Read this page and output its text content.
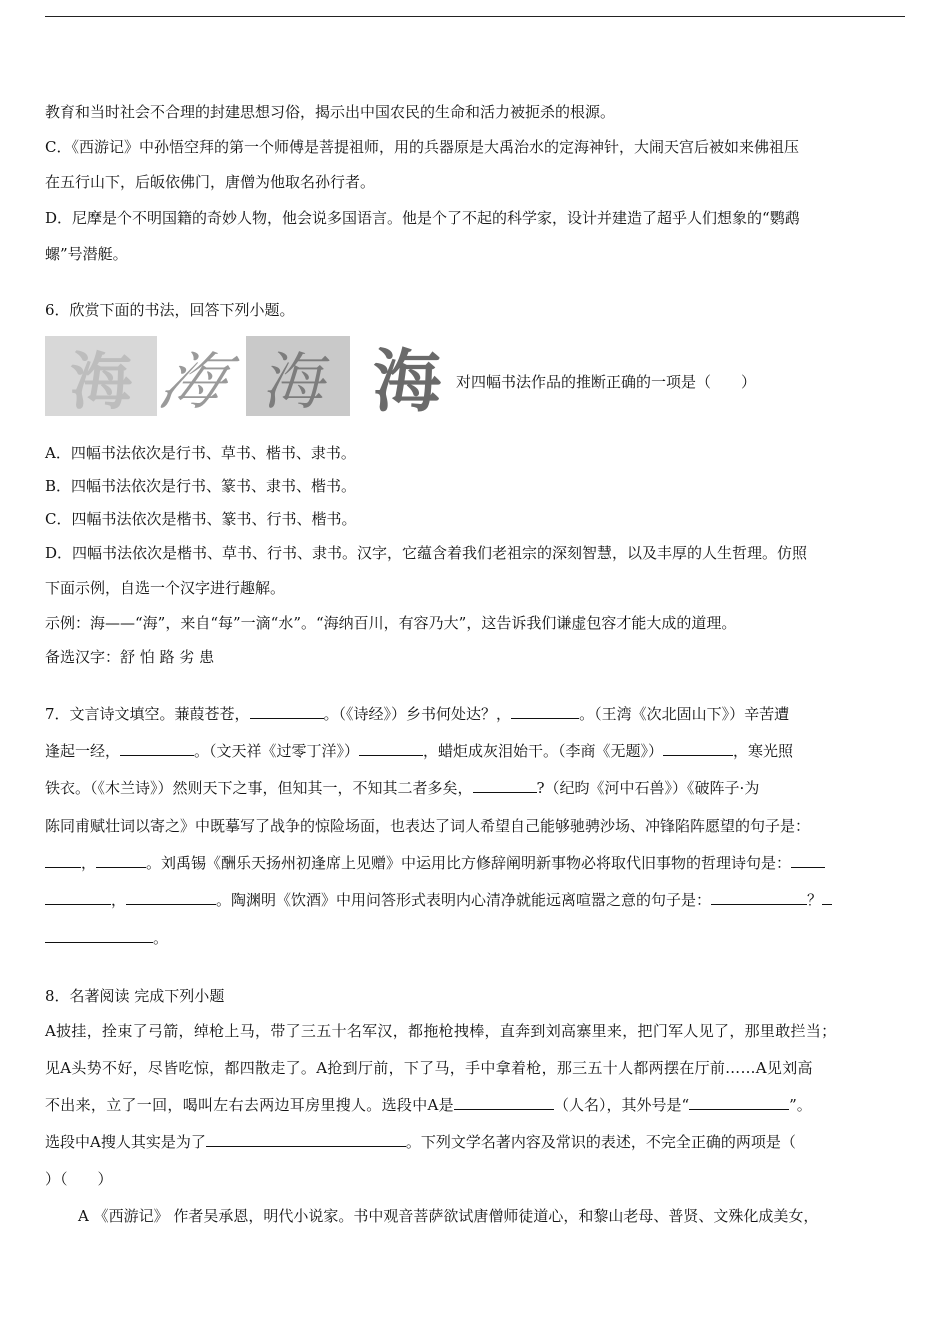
教育和当时社会不合理的封建思想习俗，揭示出中国农民的生命和活力被扼杀的根源。
C．《西游记》中孙悟空拜的第一个师傅是菩提祖师，用的兵器原是大禹治水的定海神针，大闹天宫后被如来佛祖压
在五行山下，后皈依佛门，唐僧为他取名孙行者。
D．尼摩是个不明国籍的奇妙人物，他会说多国语言。他是个了不起的科学家，设计并建造了超乎人们想象的“鹦鹉
螺”号潜艇。
6．欣赏下面的书法，回答下列小题。
海 海 海 海 对四幅书法作品的推断正确的一项是（　　）
A．四幅书法依次是行书、草书、楷书、隶书。
B．四幅书法依次是行书、篆书、隶书、楷书。
C．四幅书法依次是楷书、篆书、行书、楷书。
D．四幅书法依次是楷书、草书、行书、隶书。汉字，它蕴含着我们老祖宗的深刻智慧，以及丰厚的人生哲理。仿照
下面示例，自选一个汉字进行趣解。
示例：海——“海”，来自“每”一滴“水”。“海纳百川，有容乃大”，这告诉我们谦虚包容才能大成的道理。
备选汉字：舒 怕 路 劣 患
7．文言诗文填空。蒹葭苍苍，	。（《诗经》）乡书何处达？，	。（王湾《次北固山下》）辛苦遭
逢起一经，	。（文天祥《过零丁洋》）	，蜡炬成灰泪始干。（李商《无题》）	，寒光照
铁衣。（《木兰诗》）然则天下之事，但知其一，不知其二者多矣，	?（纪昀《河中石兽》）《破阵子·为
陈同甫赋壮词以寄之》中既摹写了战争的惊险场面，也表达了词人希望自己能够驰骋沙场、冲锋陷阵愿望的句子是：
，	。刘禹锡《酬乐天扬州初逢席上见赠》中运用比方修辞阐明新事物必将取代旧事物的哲理诗句是：
，	。陶渊明《饮酒》中用问答形式表明内心清净就能远离喧嚣之意的句子是：	？
。
8．名著阅读 完成下列小题
A披挂，拴束了弓箭，绰枪上马，带了三五十名军汉，都拖枪拽棒，直奔到刘高寨里来，把门军人见了，那里敢拦当；
见A头势不好，尽皆吃惊，都四散走了。A抢到厅前，下了马，手中拿着枪，那三五十人都两摆在厅前……A见刘高
不出来，立了一回，喝叫左右去两边耳房里搜人。选段中A是	（人名），其外号是“	”。
选段中A搜人其实是为了	。下列文学名著内容及常识的表述，不完全正确的两项是（
）（　　）
A 《西游记》 作者吴承恩，明代小说家。书中观音菩萨欲试唐僧师徒道心，和黎山老母、普贤、文殊化成美女，
